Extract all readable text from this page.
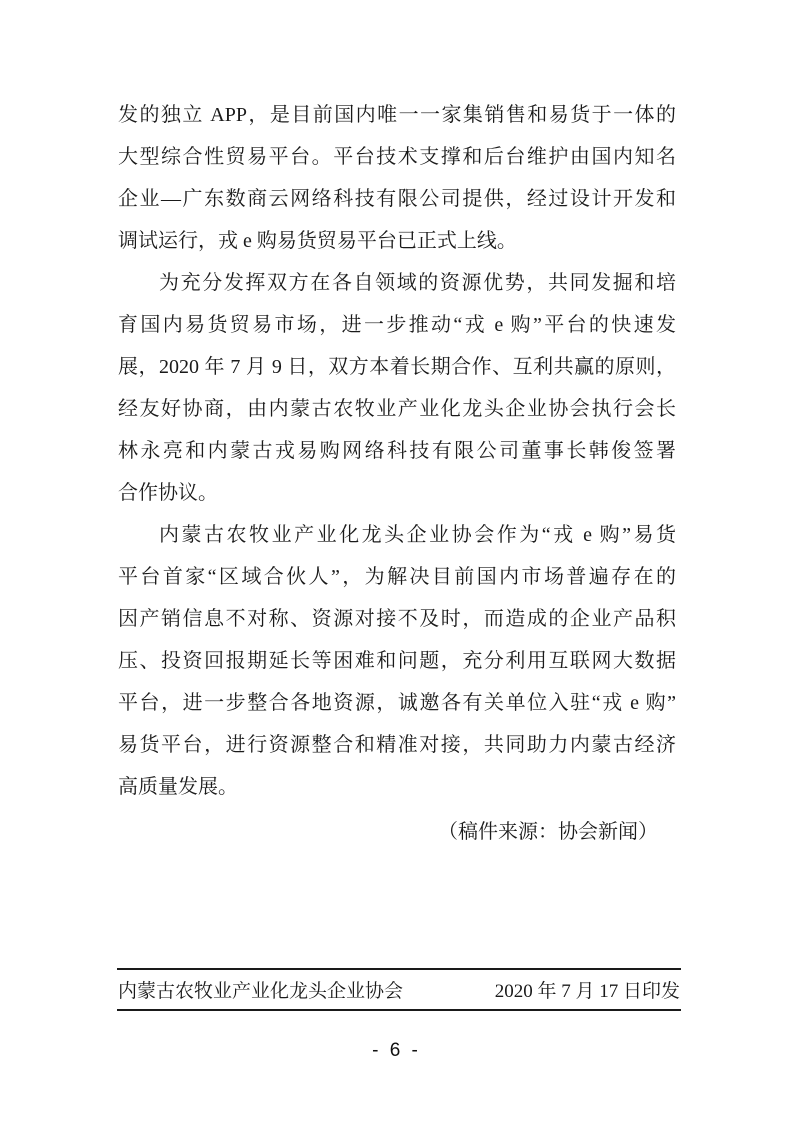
发的独立 APP，是目前国内唯一一家集销售和易货于一体的
大型综合性贸易平台。平台技术支撑和后台维护由国内知名
企业—广东数商云网络科技有限公司提供，经过设计开发和
调试运行，戎 e 购易货贸易平台已正式上线。
为充分发挥双方在各自领域的资源优势，共同发掘和培
育国内易货贸易市场，进一步推动“戎 e 购”平台的快速发
展，2020 年 7 月 9 日，双方本着长期合作、互利共赢的原则，
经友好协商，由内蒙古农牧业产业化龙头企业协会执行会长
林永亮和内蒙古戎易购网络科技有限公司董事长韩俊签署
合作协议。
内蒙古农牧业产业化龙头企业协会作为“戎 e 购”易货
平台首家“区域合伙人”，为解决目前国内市场普遍存在的
因产销信息不对称、资源对接不及时，而造成的企业产品积
压、投资回报期延长等困难和问题，充分利用互联网大数据
平台，进一步整合各地资源，诚邀各有关单位入驻“戎 e 购”
易货平台，进行资源整合和精准对接，共同助力内蒙古经济
高质量发展。
（稿件来源：协会新闻）
内蒙古农牧业产业化龙头企业协会	2020 年 7 月 17 日印发
- 6 -
